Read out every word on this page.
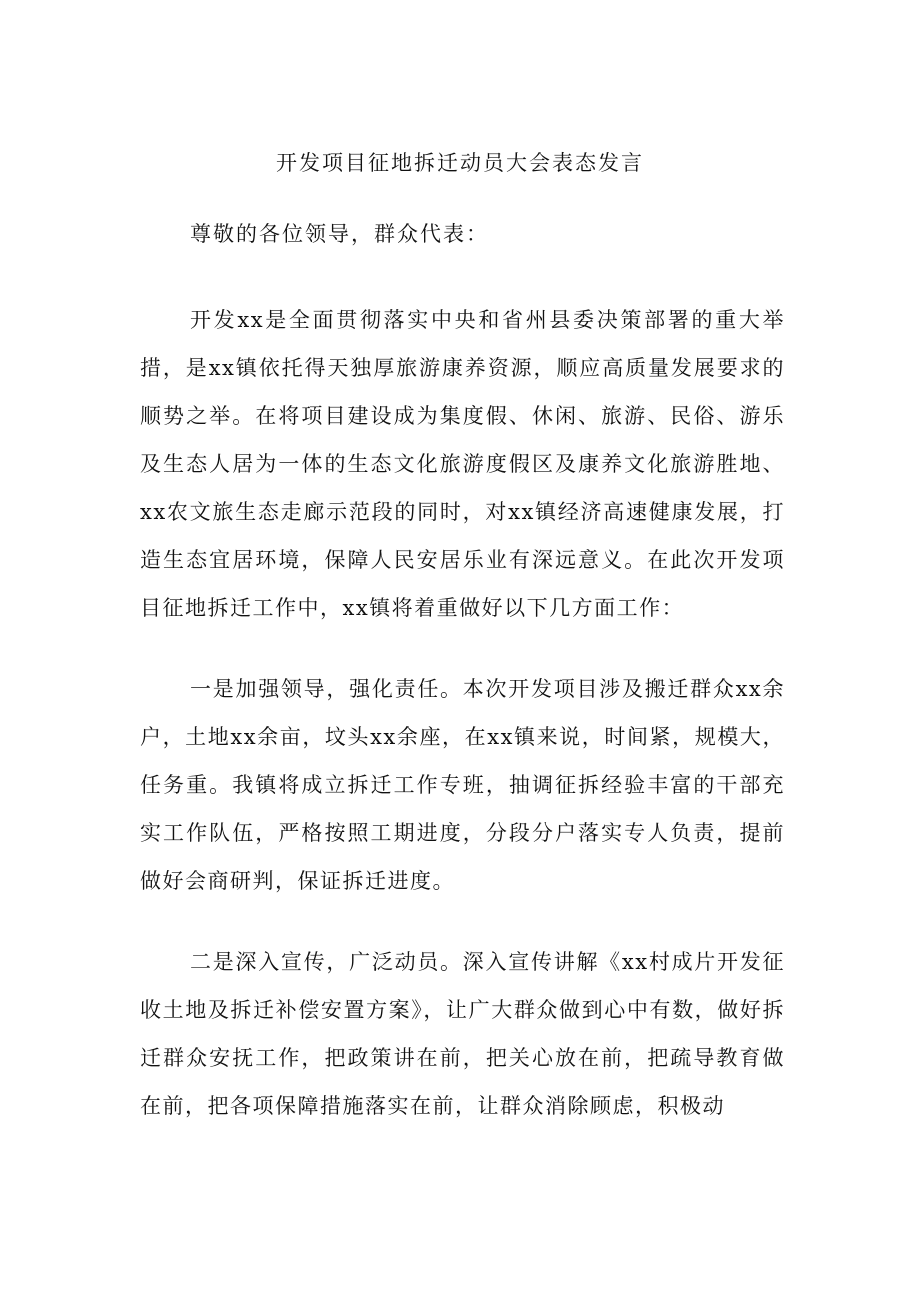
开发项目征地拆迁动员大会表态发言

尊敬的各位领导，群众代表：

开发xx是全面贯彻落实中央和省州县委决策部署的重大举措，是xx镇依托得天独厚旅游康养资源，顺应高质量发展要求的顺势之举。在将项目建设成为集度假、休闲、旅游、民俗、游乐及生态人居为一体的生态文化旅游度假区及康养文化旅游胜地、xx农文旅生态走廊示范段的同时，对xx镇经济高速健康发展，打造生态宜居环境，保障人民安居乐业有深远意义。在此次开发项目征地拆迁工作中，xx镇将着重做好以下几方面工作：

一是加强领导，强化责任。本次开发项目涉及搬迁群众xx余户，土地xx余亩，坟头xx余座，在xx镇来说，时间紧，规模大，任务重。我镇将成立拆迁工作专班，抽调征拆经验丰富的干部充实工作队伍，严格按照工期进度，分段分户落实专人负责，提前做好会商研判，保证拆迁进度。

二是深入宣传，广泛动员。深入宣传讲解《xx村成片开发征收土地及拆迁补偿安置方案》，让广大群众做到心中有数，做好拆迁群众安抚工作，把政策讲在前，把关心放在前，把疏导教育做在前，把各项保障措施落实在前，让群众消除顾虑，积极动
